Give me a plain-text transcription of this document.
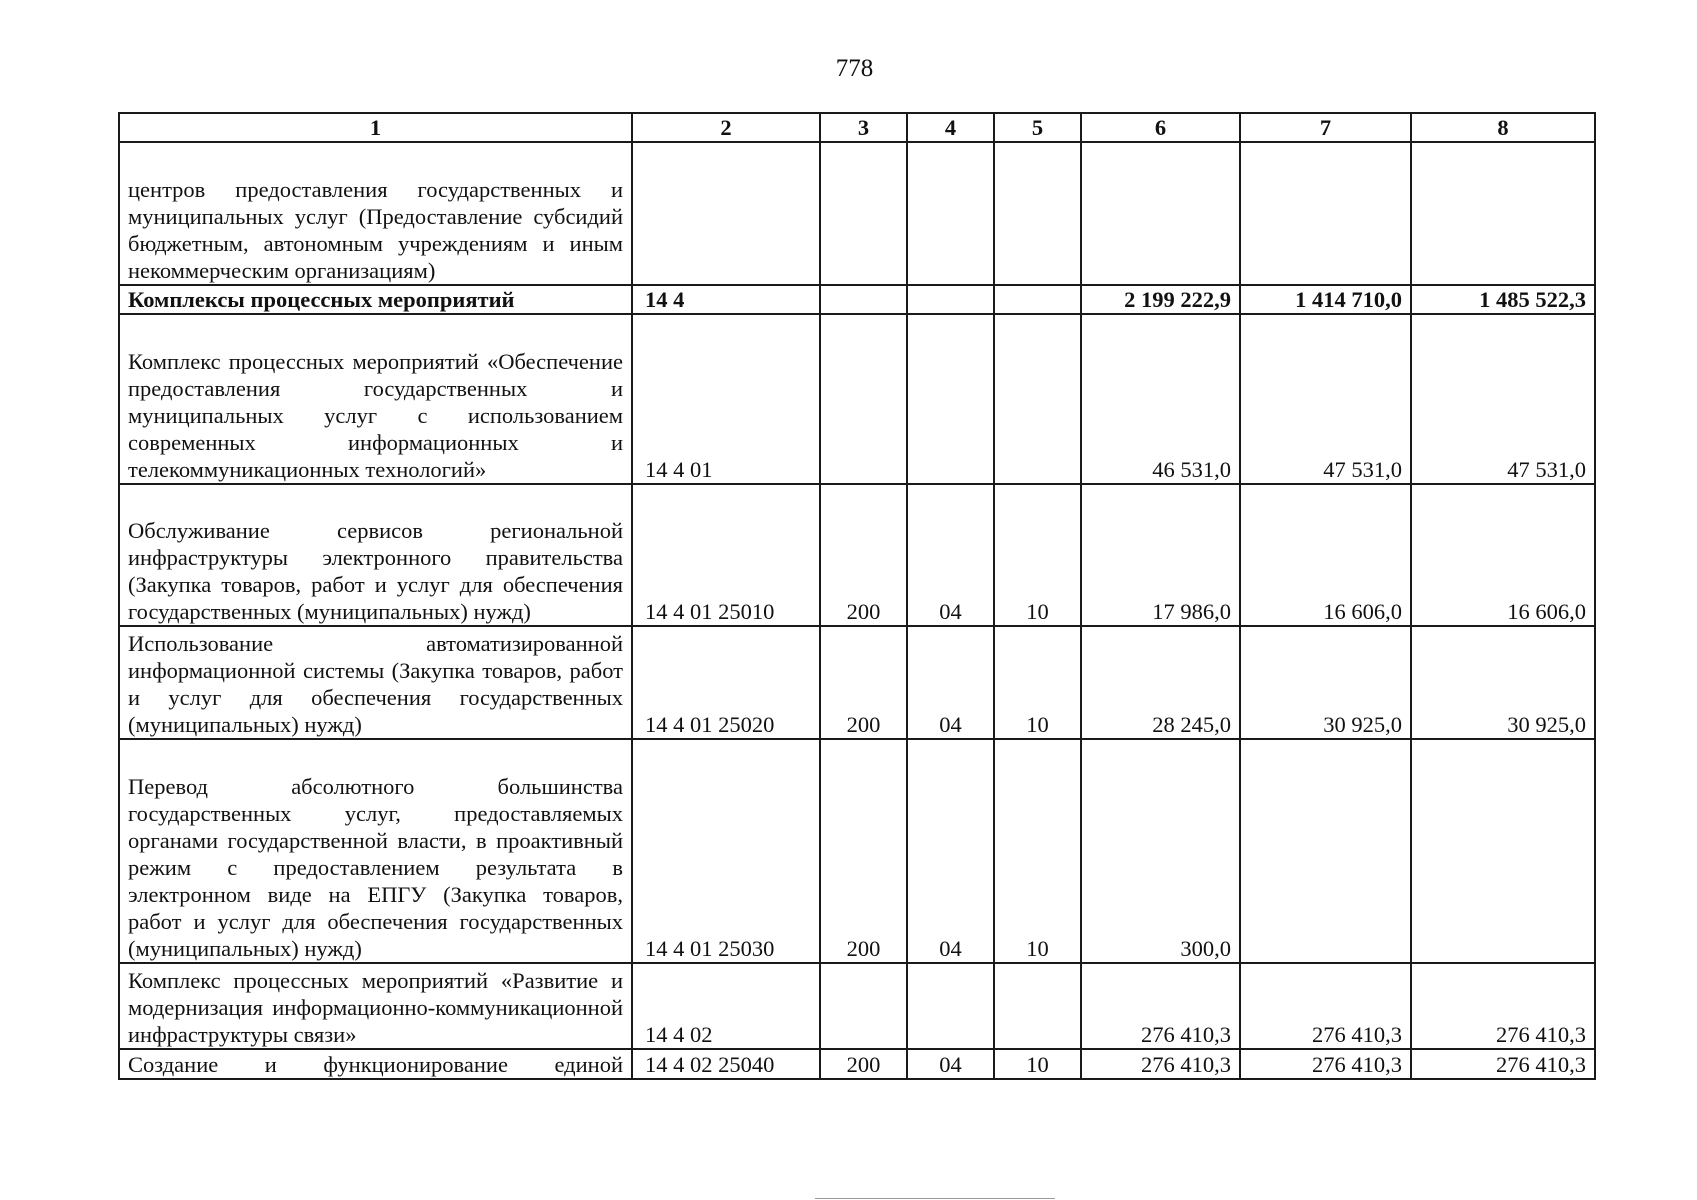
778
1	2	3	4	5	6	7	8
центров предоставления государственных и муниципальных услуг (Предоставление субсидий бюджетным, автономным учреждениям и иным некоммерческим организациям)							
Комплексы процессных мероприятий	14 4				2 199 222,9	1 414 710,0	1 485 522,3
Комплекс процессных мероприятий «Обеспечение предоставления государственных и муниципальных услуг с использованием современных информационных и телекоммуникационных технологий»	14 4 01				46 531,0	47 531,0	47 531,0
Обслуживание сервисов региональной инфраструктуры электронного правительства (Закупка товаров, работ и услуг для обеспечения государственных (муниципальных) нужд)	14 4 01 25010	200	04	10	17 986,0	16 606,0	16 606,0
Использование автоматизированной информационной системы (Закупка товаров, работ и услуг для обеспечения государственных (муниципальных) нужд)	14 4 01 25020	200	04	10	28 245,0	30 925,0	30 925,0
Перевод абсолютного большинства государственных услуг, предоставляемых органами государственной власти, в проактивный режим с предоставлением результата в электронном виде на ЕПГУ (Закупка товаров, работ и услуг для обеспечения государственных (муниципальных) нужд)	14 4 01 25030	200	04	10	300,0		
Комплекс процессных мероприятий «Развитие и модернизация информационно-коммуникационной инфраструктуры связи»	14 4 02				276 410,3	276 410,3	276 410,3
Создание и функционирование единой	14 4 02 25040	200	04	10	276 410,3	276 410,3	276 410,3
